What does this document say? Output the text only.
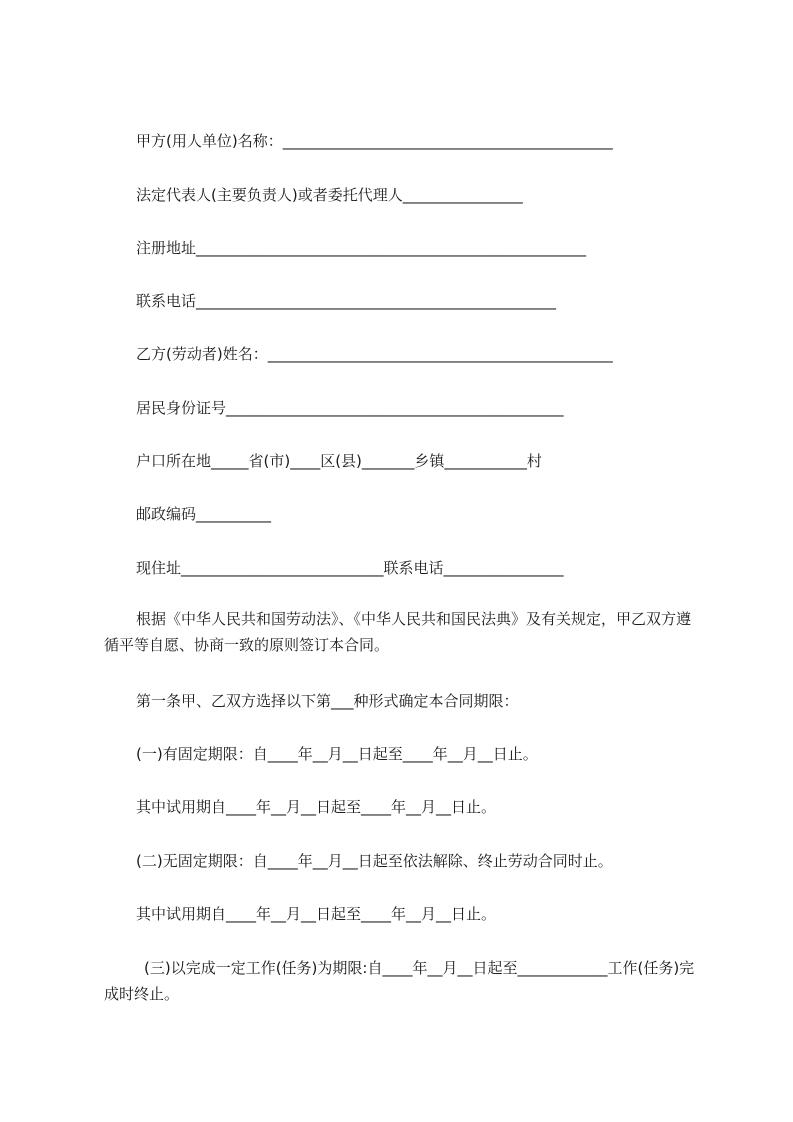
甲方(用人单位)名称：____________________________________________
法定代表人(主要负责人)或者委托代理人________________
注册地址____________________________________________________
联系电话________________________________________________
乙方(劳动者)姓名：______________________________________________
居民身份证号_____________________________________________
户口所在地_____省(市)____区(县)_______乡镇___________村
邮政编码__________
现住址___________________________联系电话________________
根据《中华人民共和国劳动法》、《中华人民共和国民法典》及有关规定，甲乙双方遵循平等自愿、协商一致的原则签订本合同。
第一条甲、乙双方选择以下第___种形式确定本合同期限：
(一)有固定期限：自____年__月__日起至____年__月__日止。
其中试用期自____年__月__日起至____年__月__日止。
(二)无固定期限：自____年__月__日起至依法解除、终止劳动合同时止。
其中试用期自____年__月__日起至____年__月__日止。
(三)以完成一定工作(任务)为期限:自____年__月__日起至____________工作(任务)完成时终止。
